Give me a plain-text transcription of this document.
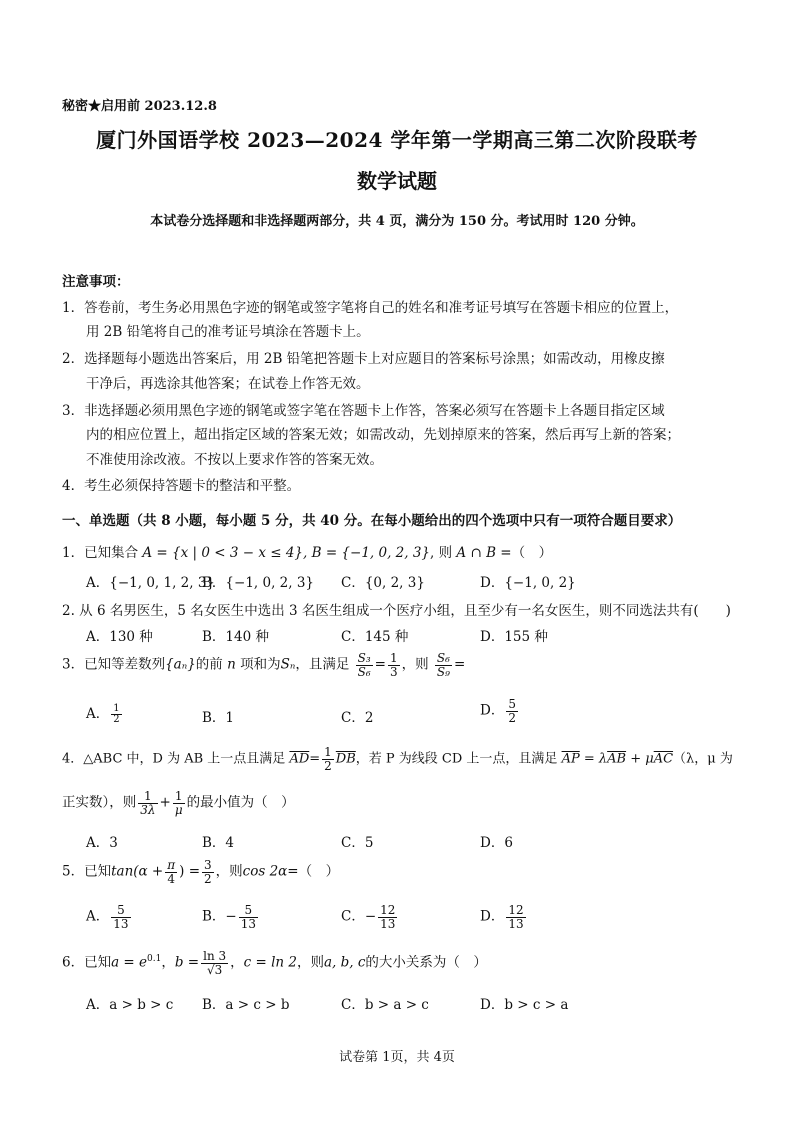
秘密★启用前 2023.12.8
厦门外国语学校 2023—2024 学年第一学期高三第二次阶段联考
数学试题
本试卷分选择题和非选择题两部分，共 4 页，满分为 150 分。考试用时 120 分钟。
注意事项：
1．答卷前，考生务必用黑色字迹的钢笔或签字笔将自己的姓名和准考证号填写在答题卡相应的位置上，
用 2B 铅笔将自己的准考证号填涂在答题卡上。
2．选择题每小题选出答案后，用 2B 铅笔把答题卡上对应题目的答案标号涂黑；如需改动，用橡皮擦
干净后，再选涂其他答案；在试卷上作答无效。
3．非选择题必须用黑色字迹的钢笔或签字笔在答题卡上作答，答案必须写在答题卡上各题目指定区域
内的相应位置上，超出指定区域的答案无效；如需改动，先划掉原来的答案，然后再写上新的答案；
不准使用涂改液。不按以上要求作答的答案无效。
4．考生必须保持答题卡的整洁和平整。
一、单选题（共 8 小题，每小题 5 分，共 40 分。在每小题给出的四个选项中只有一项符合题目要求）
1．已知集合 A = {x | 0 < 3 − x ≤ 4}, B = {−1, 0, 2, 3}, 则 A ∩ B =（　）
A．{−1, 0, 1, 2, 3}
B．{−1, 0, 2, 3} C．{0, 2, 3}	D．{−1, 0, 2}
2. 从 6 名男医生，5 名女医生中选出 3 名医生组成一个医疗小组，且至少有一名女医生，则不同选法共有(　　)
A．130 种	B．140 种	C．145 种	D．155 种
3．已知等差数列{aₙ}的前 n 项和为Sₙ，且满足 $\frac{\text{S₃}}{\text{S₆}} = \frac{1}{3}$ ，则 $\frac{\text{S₆}}{\text{S₉}}$ =
A． $\frac{1}{2}$	B．1	C．2	D． $\frac{5}{2}$
4．△ABC 中，D 为 AB 上一点且满足 $\overline{AD}= \frac{1}{2} \overline{DB}$，若 P 为线段 CD 上一点，且满足 $\overline{AP} = \lambda\overline{AB} + \mu\overline{AC}(\lambda$，μ 为
正实数），则 $\frac{1}{3\lambda} + \frac{1}{\mu}$ 的最小值为（　）
A．3	B．4	C．5	D．6
5．已知$\tan(\alpha + \frac{\pi}{4}$ ) = $\frac{3}{2}$ ，则cos 2α=（　）
A． $\frac{5}{13}$	B．− $\frac{5}{13}$	C．− $\frac{12}{13}$	D． $\frac{12}{13}$
6．已知$a = e^{0.1}$，$b = \frac{\ln 3}{√3}$ ，c = ln 2，则a, b, c的大小关系为（　）
A．a > b > c B．a > c > b	C．b > a > c	D．b > c > a
试卷第 1页，共 4页
